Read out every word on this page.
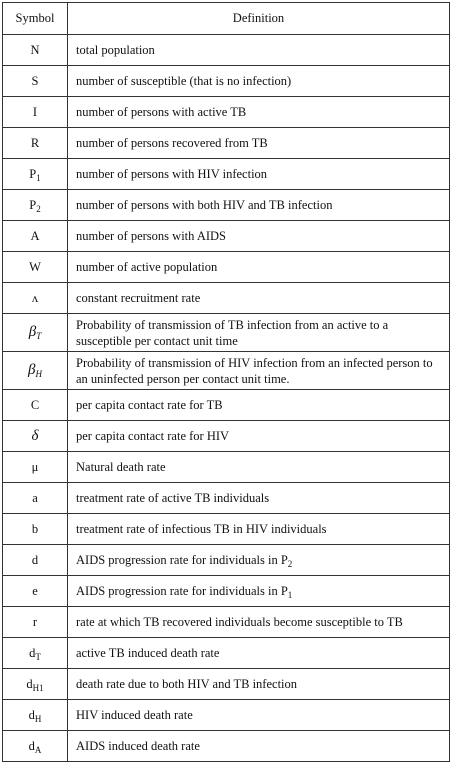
Symbol	Definition
N	total population
S	number of susceptible (that is no infection)
I	number of persons with active TB
R	number of persons recovered from TB
$P_1$	number of persons with HIV infection
$P_2$	number of persons with both HIV and TB infection
A	number of persons with AIDS
W	number of active population
ʌ	constant recruitment rate
$\beta_T$	Probability of transmission of TB infection from an active to a susceptible per contact unit time
$\beta_H$	Probability of transmission of HIV infection from an infected person to an uninfected person per contact unit time.
C	per capita contact rate for TB
δ	per capita contact rate for HIV
μ	Natural death rate
a	treatment rate of active TB individuals
b	treatment rate of infectious TB in HIV individuals
d	AIDS progression rate for individuals in $P_2$
e	AIDS progression rate for individuals in $P_1$
r	rate at which TB recovered individuals become susceptible to TB
$d_T$	active TB induced death rate
$d_{H1}$	death rate due to both HIV and TB infection
$d_H$	HIV induced death rate
$d_A$	AIDS induced death rate
